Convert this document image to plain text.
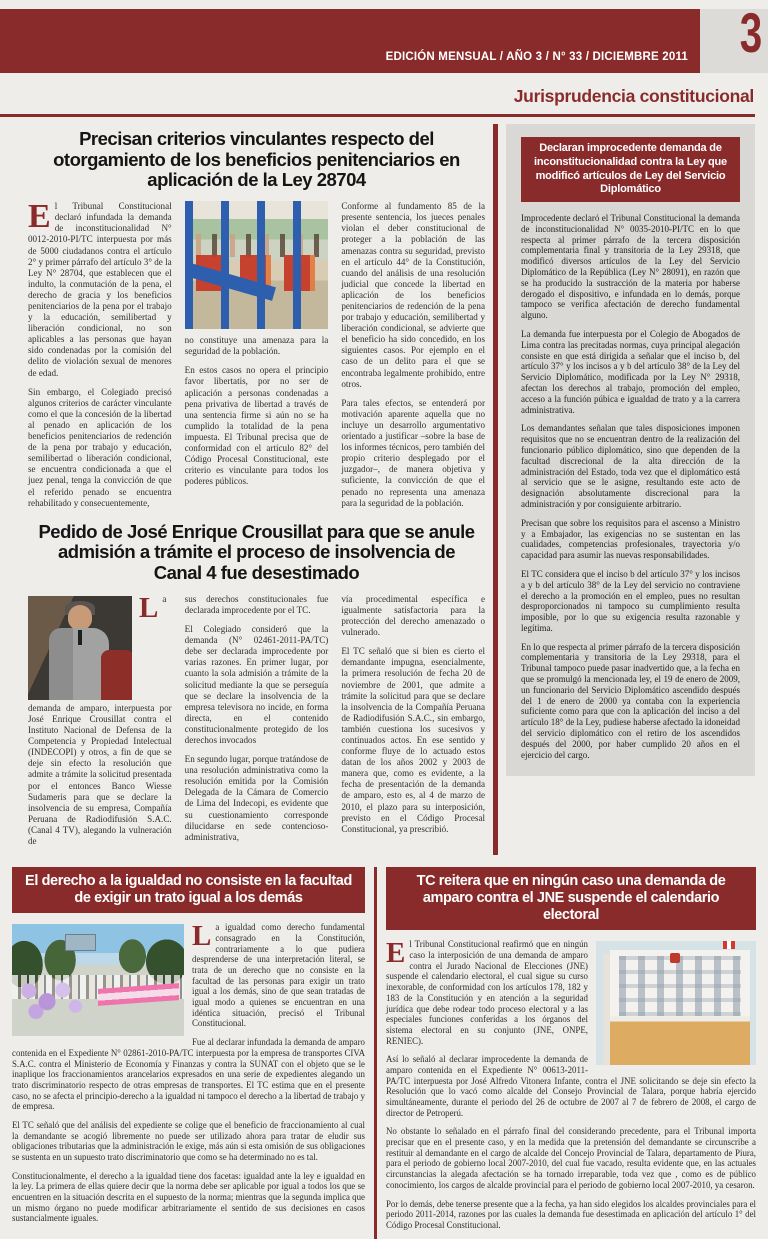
EDICIÓN MENSUAL / AÑO 3 / N° 33 / DICIEMBRE 2011 3
Jurisprudencia constitucional
Precisan criterios vinculantes respecto del otorgamiento de los beneficios penitenciarios en aplicación de la Ley 28704

El Tribunal Constitucional declaró infundada la demanda de inconstitucionalidad N° 0012-2010-PI/TC interpuesta por más de 5000 ciudadanos contra el artículo 2° y primer párrafo del artículo 3° de la Ley N° 28704, que establecen que el indulto, la conmutación de la pena, el derecho de gracia y los beneficios penitenciarios de la pena por el trabajo y la educación, semilibertad y liberación condicional, no son aplicables a las personas que hayan sido condenadas por la comisión del delito de violación sexual de menores de edad.

Sin embargo, el Colegiado precisó algunos criterios de carácter vinculante como el que la concesión de la libertad al penado en aplicación de los beneficios penitenciarios de redención de la pena por trabajo y educación, semilibertad o liberación condicional, se encuentra condicionada a que el juez penal, tenga la convicción de que el referido penado se encuentra rehabilitado y consecuentemente,

no constituye una amenaza para la seguridad de la población.

En estos casos no opera el principio favor libertatis, por no ser de aplicación a personas condenadas a pena privativa de libertad a través de una sentencia firme si aún no se ha cumplido la totalidad de la pena impuesta. El Tribunal precisa que de conformidad con el artículo 82° del Código Procesal Constitucional, este criterio es vinculante para todos los poderes públicos.

Conforme al fundamento 85 de la presente sentencia, los jueces penales violan el deber constitucional de proteger a la población de las amenazas contra su seguridad, previsto en el artículo 44° de la Constitución, cuando del análisis de una resolución judicial que concede la libertad en aplicación de los beneficios penitenciarios de redención de la pena por trabajo y educación, semilibertad y liberación condicional, se advierte que el beneficio ha sido concedido, en los siguientes casos. Por ejemplo en el caso de un delito para el que se encontraba legalmente prohibido, entre otros.

Para tales efectos, se entenderá por motivación aparente aquella que no incluye un desarrollo argumentativo orientado a justificar –sobre la base de los informes técnicos, pero también del propio criterio desplegado por el juzgador–, de manera objetiva y suficiente, la convicción de que el penado no representa una amenaza para la seguridad de la población.

Pedido de José Enrique Crousillat para que se anule admisión a trámite el proceso de insolvencia de Canal 4 fue desestimado

La demanda de amparo, interpuesta por José Enrique Crousillat contra el Instituto Nacional de Defensa de la Competencia y Propiedad Intelectual (INDECOPI) y otros, a fin de que se deje sin efecto la resolución que admite a trámite la solicitud presentada por el entonces Banco Wiesse Sudameris para que se declare la insolvencia de su empresa, Compañía Peruana de Radiodifusión S.A.C. (Canal 4 TV), alegando la vulneración de

sus derechos constitucionales fue declarada improcedente por el TC.

El Colegiado consideró que la demanda (N° 02461-2011-PA/TC) debe ser declarada improcedente por varias razones. En primer lugar, por cuanto la sola admisión a trámite de la solicitud mediante la que se perseguía que se declare la insolvencia de la empresa televisora no incide, en forma directa, en el contenido constitucionalmente protegido de los derechos invocados

En segundo lugar, porque tratándose de una resolución administrativa como la resolución emitida por la Comisión Delegada de la Cámara de Comercio de Lima del Indecopi, es evidente que su cuestionamiento corresponde dilucidarse en sede contencioso-administrativa,

vía procedimental específica e igualmente satisfactoria para la protección del derecho amenazado o vulnerado.

El TC señaló que si bien es cierto el demandante impugna, esencialmente, la primera resolución de fecha 20 de noviembre de 2001, que admite a trámite la solicitud para que se declare la insolvencia de la Compañía Peruana de Radiodifusión S.A.C., sin embargo, también cuestiona los sucesivos y continuados actos. En ese sentido y conforme fluye de lo actuado estos datan de los años 2002 y 2003 de manera que, como es evidente, a la fecha de presentación de la demanda de amparo, esto es, al 4 de marzo de 2010, el plazo para su interposición, previsto en el Código Procesal Constitucional, ya prescribió.

Declaran improcedente demanda de inconstitucionalidad contra la Ley que modificó artículos de Ley del Servicio Diplomático

Improcedente declaró el Tribunal Constitucional la demanda de inconstitucionalidad N° 0035-2010-PI/TC en lo que respecta al primer párrafo de la tercera disposición complementaria final y transitoria de la Ley 29318, que modificó diversos artículos de la Ley del Servicio Diplomático de la República (Ley N° 28091), en razón que se ha producido la sustracción de la materia por haberse derogado el dispositivo, e infundada en lo demás, porque tampoco se verifica afectación de derecho fundamental alguno.

La demanda fue interpuesta por el Colegio de Abogados de Lima contra las precitadas normas, cuya principal alegación consiste en que está dirigida a señalar que el inciso b, del artículo 37° y los incisos a y b del artículo 38° de la Ley del Servicio Diplomático, modificada por la Ley N° 29318, afectan los derechos al trabajo, promoción del empleo, acceso a la función púbica e igualdad de trato y a la carrera administrativa.

Los demandantes señalan que tales disposiciones imponen requisitos que no se encuentran dentro de la realización del funcionario público diplomático, sino que dependen de la facultad discrecional de la alta dirección de la administración del Estado, toda vez que el diplomático está al servicio que se le asigne, resultando este acto de designación absolutamente discrecional para la administración y por consiguiente arbitrario.

Precisan que sobre los requisitos para el ascenso a Ministro y a Embajador, las exigencias no se sustentan en las cualidades, competencias profesionales, trayectoria y/o capacidad para asumir las nuevas responsabilidades.

El TC considera que el inciso b del artículo 37° y los incisos a y b del artículo 38° de la Ley del servicio no contraviene el derecho a la promoción en el empleo, pues no resultan desproporcionados ni tampoco su cumplimiento resulta imposible, por lo que su exigencia resulta razonable y legítima.

En lo que respecta al primer párrafo de la tercera disposición complementaria y transitoria de la Ley 29318, para el Tribunal tampoco puede pasar inadvertido que, a la fecha en que se promulgó la mencionada ley, el 19 de enero de 2009, un funcionario del Servicio Diplomático ascendido después del 1 de enero de 2000 ya contaba con la experiencia suficiente como para que con la aplicación del inciso a del artículo 18° de la Ley, pudiese haberse afectado la idoneidad del servicio diplomático con el retiro de los ascendidos después del 2000, por haber cumplido 20 años en el ejercicio del cargo.

El derecho a la igualdad no consiste en la facultad de exigir un trato igual a los demás

La igualdad como derecho fundamental consagrado en la Constitución, contrariamente a lo que pudiera desprenderse de una interpretación literal, se trata de un derecho que no consiste en la facultad de las personas para exigir un trato igual a los demás, sino de que sean tratadas de igual modo a quienes se encuentran en una idéntica situación, precisó el Tribunal Constitucional.

Fue al declarar infundada la demanda de amparo contenida en el Expediente N° 02861-2010-PA/TC interpuesta por la empresa de transportes CIVA S.A.C. contra el Ministerio de Economía y Finanzas y contra la SUNAT con el objeto que se le inaplique los fraccionamientos arancelarios expresados en una serie de expedientes alegando un trato discriminatorio respecto de otras empresas de transportes. El TC estima que en el presente caso, no se afecta el principio-derecho a la igualdad ni tampoco el derecho a la libertad de trabajo y de empresa.

El TC señaló que del análisis del expediente se colige que el beneficio de fraccionamiento al cual la demandante se acogió libremente no puede ser utilizado ahora para tratar de eludir sus obligaciones tributarias que la administración le exige, más aún si esta omisión de sus obligaciones se sustenta en un supuesto trato discriminatorio que como se ha determinado no es tal.

Constitucionalmente, el derecho a la igualdad tiene dos facetas: igualdad ante la ley e igualdad en la ley. La primera de ellas quiere decir que la norma debe ser aplicable por igual a todos los que se encuentren en la situación descrita en el supuesto de la norma; mientras que la segunda implica que un mismo órgano no puede modificar arbitrariamente el sentido de sus decisiones en casos sustancialmente iguales.

TC reitera que en ningún caso una demanda de amparo contra el JNE suspende el calendario electoral

El Tribunal Constitucional reafirmó que en ningún caso la interposición de una demanda de amparo contra el Jurado Nacional de Elecciones (JNE) suspende el calendario electoral, el cual sigue su curso inexorable, de conformidad con los artículos 178, 182 y 183 de la Constitución y en atención a la seguridad jurídica que debe rodear todo proceso electoral y a las especiales funciones conferidas a los órganos del sistema electoral en su conjunto (JNE, ONPE, RENIEC).

Así lo señaló al declarar improcedente la demanda de amparo contenida en el Expediente N° 00613-2011-PA/TC interpuesta por José Alfredo Vitonera Infante, contra el JNE solicitando se deje sin efecto la Resolución que lo vacó como alcalde del Consejo Provincial de Talara, porque habría ejercido simultáneamente, durante el periodo del 26 de octubre de 2007 al 7 de febrero de 2008, el cargo de director de Petroperú.

No obstante lo señalado en el párrafo final del considerando precedente, para el Tribunal importa precisar que en el presente caso, y en la medida que la pretensión del demandante se circunscribe a restituir al demandante en el cargo de alcalde del Concejo Provincial de Talara, departamento de Piura, para el periodo de gobierno local 2007-2010, del cual fue vacado, resulta evidente que, en las actuales circunstancias la alegada afectación se ha tornado irreparable, toda vez que , como es de público conocimiento, los cargos de alcalde provincial para el periodo de gobierno local 2007-2010, ya cesaron.

Por lo demás, debe tenerse presente que a la fecha, ya han sido elegidos los alcaldes provinciales para el periodo 2011-2014, razones por las cuales la demanda fue desestimada en aplicación del artículo 1° del Código Procesal Constitucional.
